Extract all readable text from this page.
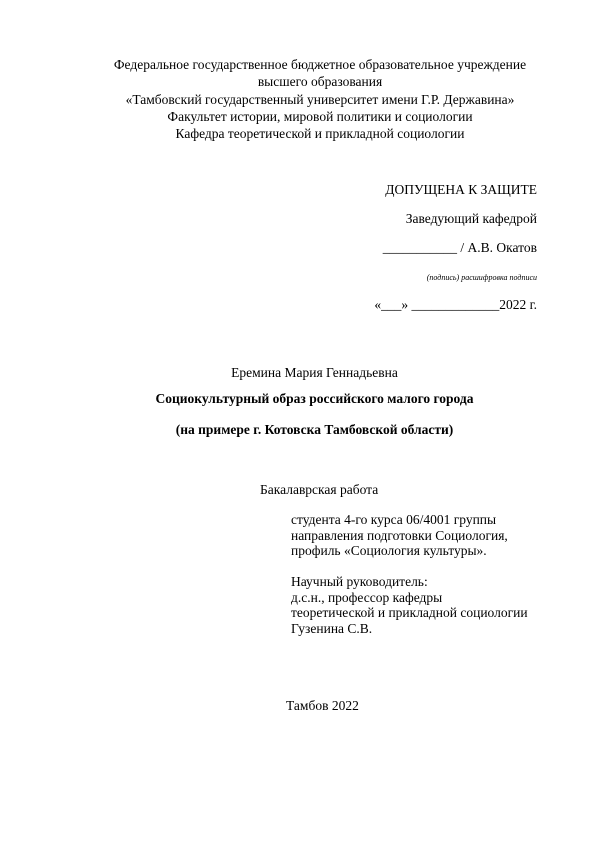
Федеральное государственное бюджетное образовательное учреждение
высшего образования
«Тамбовский государственный университет имени Г.Р. Державина»
Факультет истории, мировой политики и социологии
Кафедра теоретической и прикладной социологии
ДОПУЩЕНА К ЗАЩИТЕ
Заведующий кафедрой
___________ / А.В. Окатов
(подпись) расшифровка подписи
«___» _____________2022 г.
Еремина Мария Геннадьевна
Социокультурный образ российского малого города
(на примере г. Котовска Тамбовской области)
Бакалаврская работа
студента 4-го курса 06/4001 группы
направления подготовки Социология,
профиль «Социология культуры».
Научный руководитель:
д.с.н., профессор кафедры
теоретической и прикладной социологии
Гузенина С.В.
Тамбов 2022
